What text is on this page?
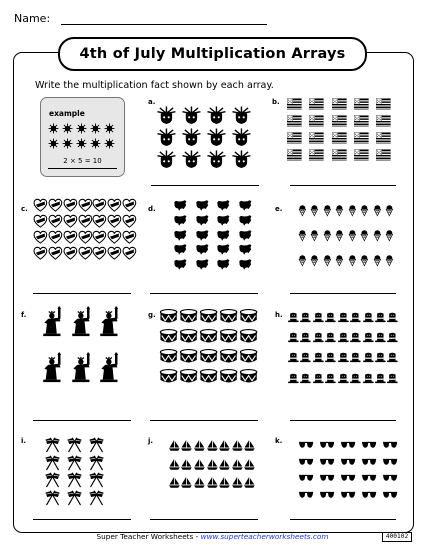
Name:
4th of July Multiplication Arrays
Write the multiplication fact shown by each array.
example
2 × 5 = 10
a.	b.
c.	d.	e.
f.	g.	h.
i.	j.	k.
Super Teacher Worksheets - www.superteacherworksheets.com	400102
